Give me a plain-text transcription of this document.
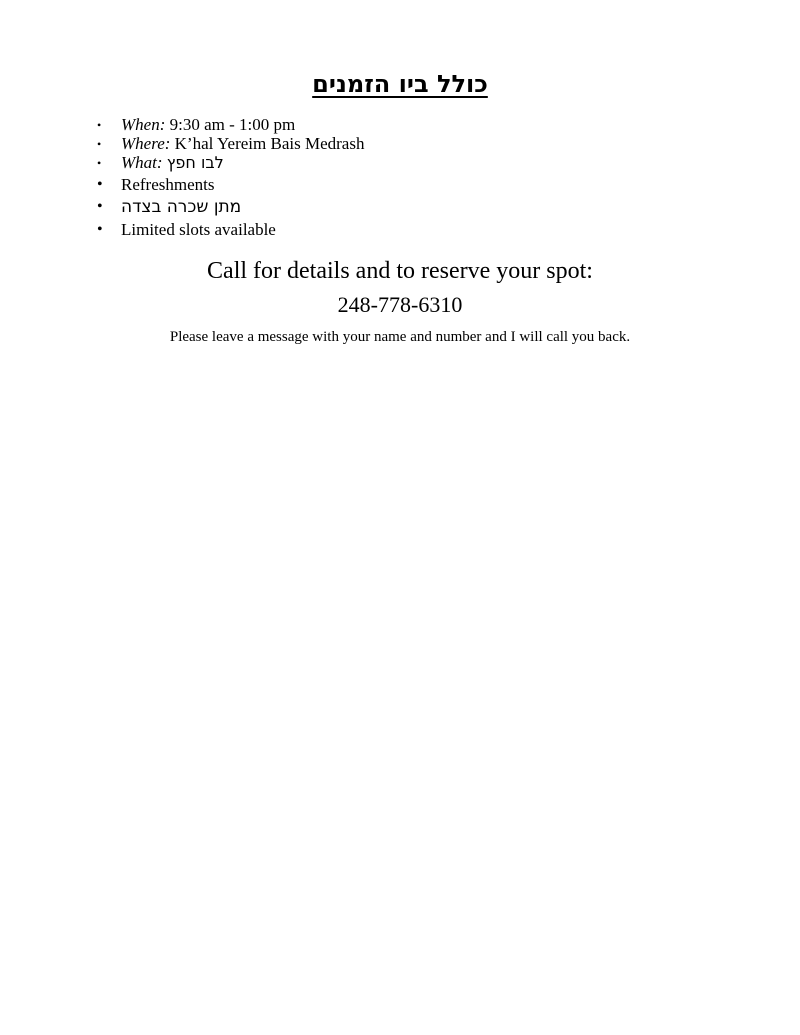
כולל ביו הזמנים
•	When: 9:30 am - 1:00 pm
•	Where: K’hal Yereim Bais Medrash
•	What: לבו חפץ
•	Refreshments
•	מתן שכרה בצדה
•	Limited slots available
Call for details and to reserve your spot:
248-778-6310
Please leave a message with your name and number and I will call you back.
